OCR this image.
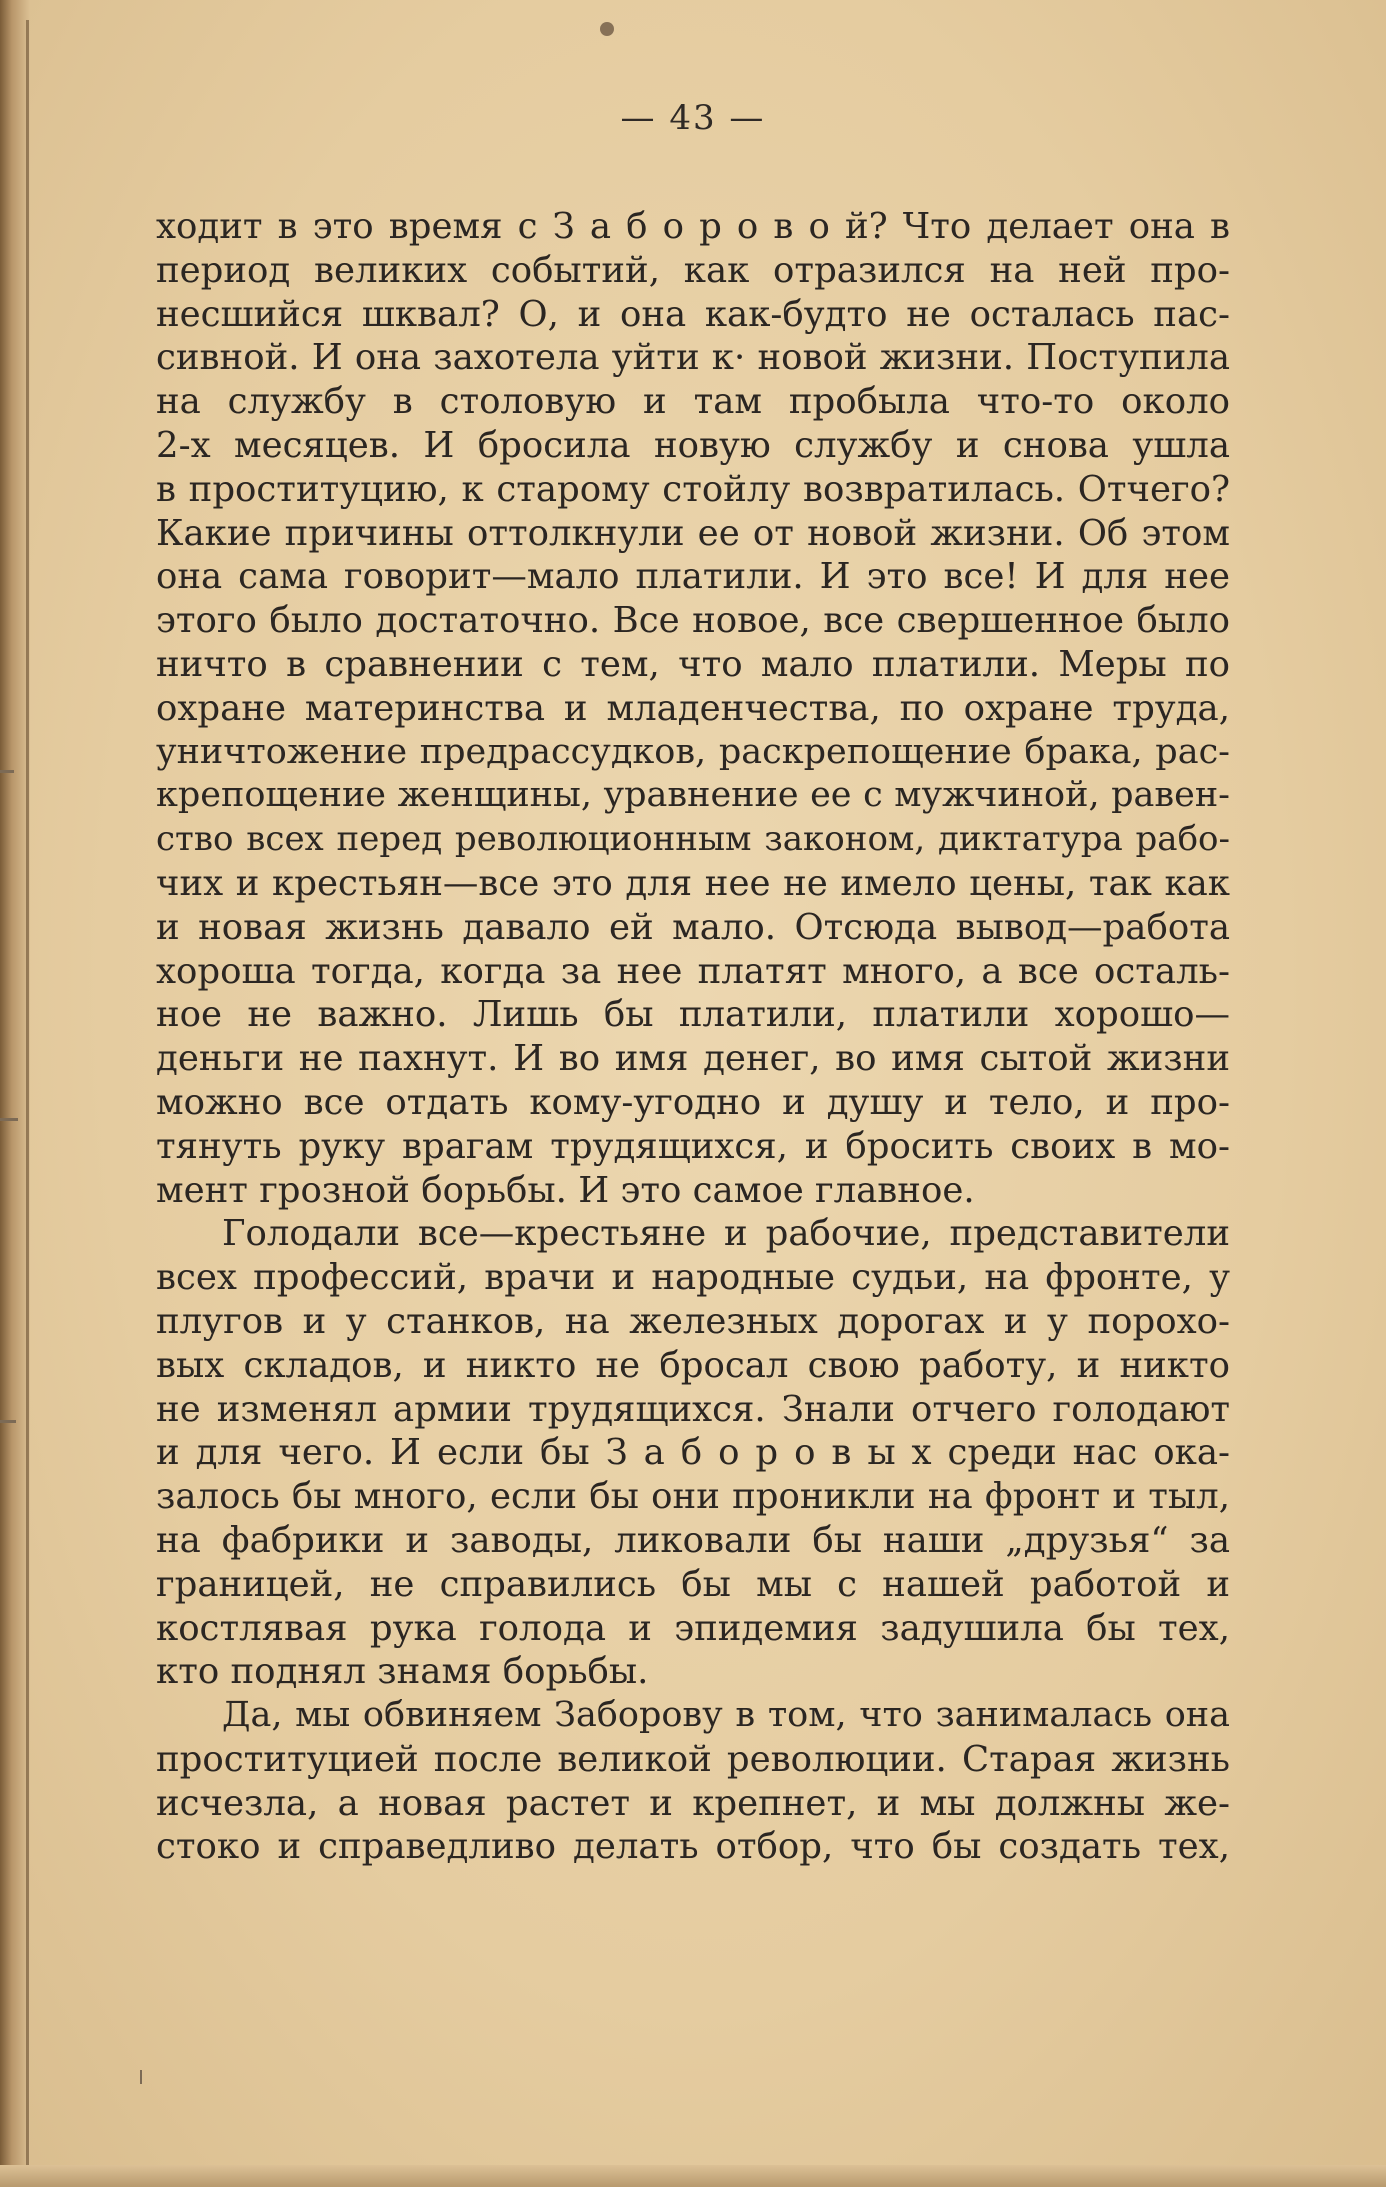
— 43 —
ходит в это время с З а б о р о в о й? Что делает она в
период великих событий, как отразился на ней про-
несшийся шквал? О, и она как-будто не осталась пас-
сивной. И она захотела уйти к· новой жизни. Поступила
на службу в столовую и там пробыла что-то около
2-х месяцев. И бросила новую службу и снова ушла
в проституцию, к старому стойлу возвратилась. Отчего?
Какие причины оттолкнули ее от новой жизни. Об этом
она сама говорит—мало платили. И это все! И для нее
этого было достаточно. Все новое, все свершенное было
ничто в сравнении с тем, что мало платили. Меры по
охране материнства и младенчества, по охране труда,
уничтожение предрассудков, раскрепощение брака, рас-
крепощение женщины, уравнение ее с мужчиной, равен-
ство всех перед революционным законом, диктатура рабо-
чих и крестьян—все это для нее не имело цены, так как
и новая жизнь давало ей мало. Отсюда вывод—работа
хороша тогда, когда за нее платят много, а все осталь-
ное не важно. Лишь бы платили, платили хорошо—
деньги не пахнут. И во имя денег, во имя сытой жизни
можно все отдать кому-угодно и душу и тело, и про-
тянуть руку врагам трудящихся, и бросить своих в мо-
мент грозной борьбы. И это самое главное.
Голодали все—крестьяне и рабочие, представители
всех профессий, врачи и народные судьи, на фронте, у
плугов и у станков, на железных дорогах и у порохо-
вых складов, и никто не бросал свою работу, и никто
не изменял армии трудящихся. Знали отчего голодают
и для чего. И если бы З а б о р о в ы х среди нас ока-
залось бы много, если бы они проникли на фронт и тыл,
на фабрики и заводы, ликовали бы наши „друзья“ за
границей, не справились бы мы с нашей работой и
костлявая рука голода и эпидемия задушила бы тех,
кто поднял знамя борьбы.
Да, мы обвиняем Заборову в том, что занималась она
проституцией после великой революции. Старая жизнь
исчезла, а новая растет и крепнет, и мы должны же-
стоко и справедливо делать отбор, что бы создать тех,
